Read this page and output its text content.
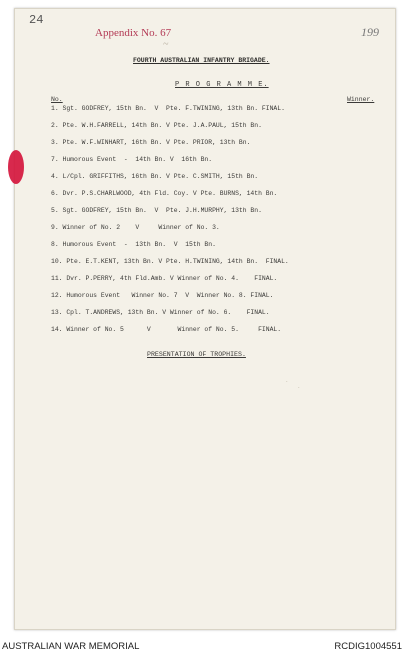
24
199
Appendix No. 67
~
FOURTH AUSTRALIAN INFANTRY BRIGADE.
P R O G R A M M E.
No.	Winner.
1. Sgt. GODFREY, 15th Bn.  V  Pte. F.TWINING, 13th Bn. FINAL.
2. Pte. W.H.FARRELL, 14th Bn. V Pte. J.A.PAUL, 15th Bn.
3. Pte. W.F.WINHART, 16th Bn. V Pte. PRIOR, 13th Bn.
7. Humorous Event  -  14th Bn. V  16th Bn.
4. L/Cpl. GRIFFITHS, 16th Bn. V Pte. C.SMITH, 15th Bn.
6. Dvr. P.S.CHARLWOOD, 4th Fld. Coy. V Pte. BURNS, 14th Bn.
5. Sgt. GODFREY, 15th Bn.  V  Pte. J.H.MURPHY, 13th Bn.
9. Winner of No. 2    V     Winner of No. 3.
8. Humorous Event  -  13th Bn.  V  15th Bn.
10. Pte. E.T.KENT, 13th Bn. V Pte. H.TWINING, 14th Bn.  FINAL.
11. Dvr. P.PERRY, 4th Fld.Amb. V Winner of No. 4.    FINAL.
12. Humorous Event   Winner No. 7  V  Winner No. 8. FINAL.
13. Cpl. T.ANDREWS, 13th Bn. V Winner of No. 6.    FINAL.
14. Winner of No. 5      V       Winner of No. 5.     FINAL.
PRESENTATION OF TROPHIES.
.
.
AUSTRALIAN WAR MEMORIAL	RCDIG1004551
